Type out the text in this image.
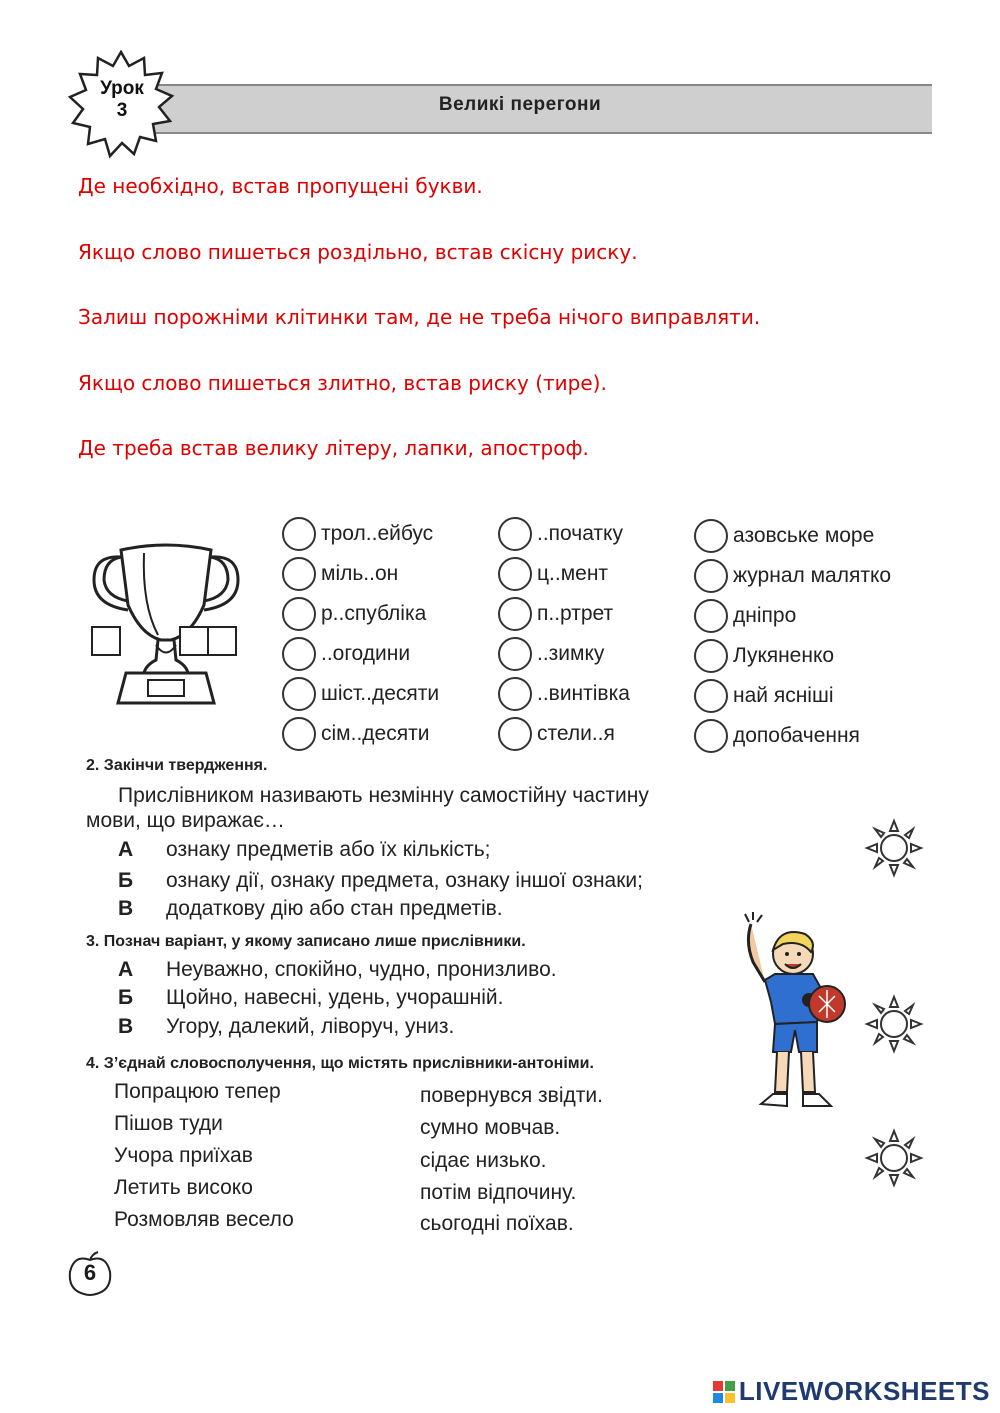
Великі перегони
Урок
3
Де необхідно, встав пропущені букви.
Якщо слово пишеться роздільно, встав скісну риску.
Залиш порожніми клітинки там, де не треба нічого виправляти.
Якщо слово пишеться злитно, встав риску (тире).
Де треба встав велику літеру, лапки, апостроф.
трол..ейбус
міль..он
р..спубліка
..огодини
шіст..десяти
сім..десяти
..початку
ц..мент
п..ртрет
..зимку
..винтівка
стели..я
азовське море
журнал малятко
дніпро
Лукяненко
най ясніші
допобачення
2. Закінчи твердження.
Прислівником називають незмінну самостійну частину
мови, що виражає…
А ознаку предметів або їх кількість;
Б ознаку дії, ознаку предмета, ознаку іншої ознаки;
В додаткову дію або стан предметів.
3. Познач варіант, у якому записано лише прислівники.
А Неуважно, спокійно, чудно, пронизливо.
Б Щойно, навесні, удень, учорашній.
В Угору, далекий, ліворуч, униз.
4. З’єднай словосполучення, що містять прислівники-антоніми.
Попрацюю тепер
Пішов туди
Учора приїхав
Летить високо
Розмовляв весело
повернувся звідти.
сумно мовчав.
сідає низько.
потім відпочину.
сьогодні поїхав.
6
LIVEWORKSHEETS
